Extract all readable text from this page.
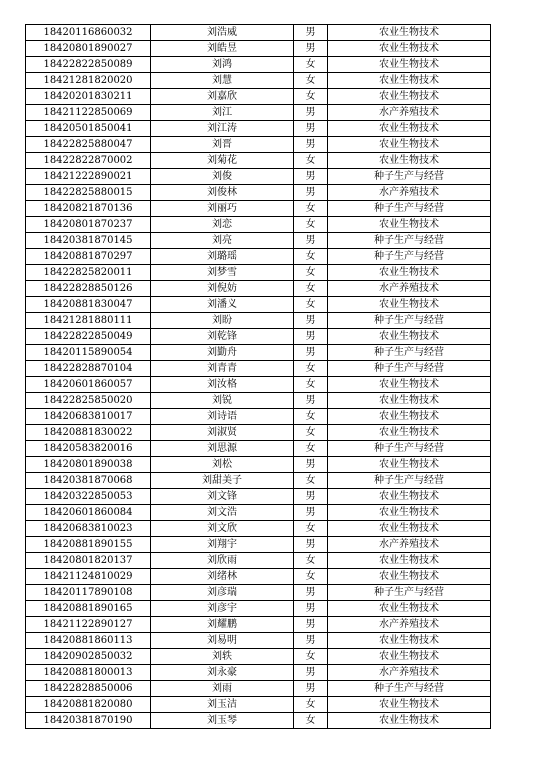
18420116860032	刘浩威	男	农业生物技术
18420801890027	刘皓昱	男	农业生物技术
18422822850089	刘鸿	女	农业生物技术
18421281820020	刘慧	女	农业生物技术
18420201830211	刘嘉欣	女	农业生物技术
18421122850069	刘江	男	水产养殖技术
18420501850041	刘江涛	男	农业生物技术
18422825880047	刘晋	男	农业生物技术
18422822870002	刘菊花	女	农业生物技术
18421222890021	刘俊	男	种子生产与经营
18422825880015	刘俊林	男	水产养殖技术
18420821870136	刘丽巧	女	种子生产与经营
18420801870237	刘恋	女	农业生物技术
18420381870145	刘亮	男	种子生产与经营
18420881870297	刘璐瑶	女	种子生产与经营
18422825820011	刘梦雪	女	农业生物技术
18422828850126	刘倪妨	女	水产养殖技术
18420881830047	刘潘义	女	农业生物技术
18421281880111	刘盼	男	种子生产与经营
18422822850049	刘乾锋	男	农业生物技术
18420115890054	刘勤舟	男	种子生产与经营
18422828870104	刘青青	女	种子生产与经营
18420601860057	刘汝格	女	农业生物技术
18422825850020	刘锐	男	农业生物技术
18420683810017	刘诗语	女	农业生物技术
18420881830022	刘淑贤	女	农业生物技术
18420583820016	刘思源	女	种子生产与经营
18420801890038	刘松	男	农业生物技术
18420381870068	刘甜美子	女	种子生产与经营
18420322850053	刘文锋	男	农业生物技术
18420601860084	刘文浩	男	农业生物技术
18420683810023	刘文欣	女	农业生物技术
18420881890155	刘翔宇	男	水产养殖技术
18420801820137	刘欣雨	女	农业生物技术
18421124810029	刘绪林	女	农业生物技术
18420117890108	刘彦瑞	男	种子生产与经营
18420881890165	刘彦宇	男	农业生物技术
18421122890127	刘耀鹏	男	水产养殖技术
18420881860113	刘易明	男	农业生物技术
18420902850032	刘轶	女	农业生物技术
18420881800013	刘永豪	男	水产养殖技术
18422828850006	刘雨	男	种子生产与经营
18420881820080	刘玉洁	女	农业生物技术
18420381870190	刘玉琴	女	农业生物技术
